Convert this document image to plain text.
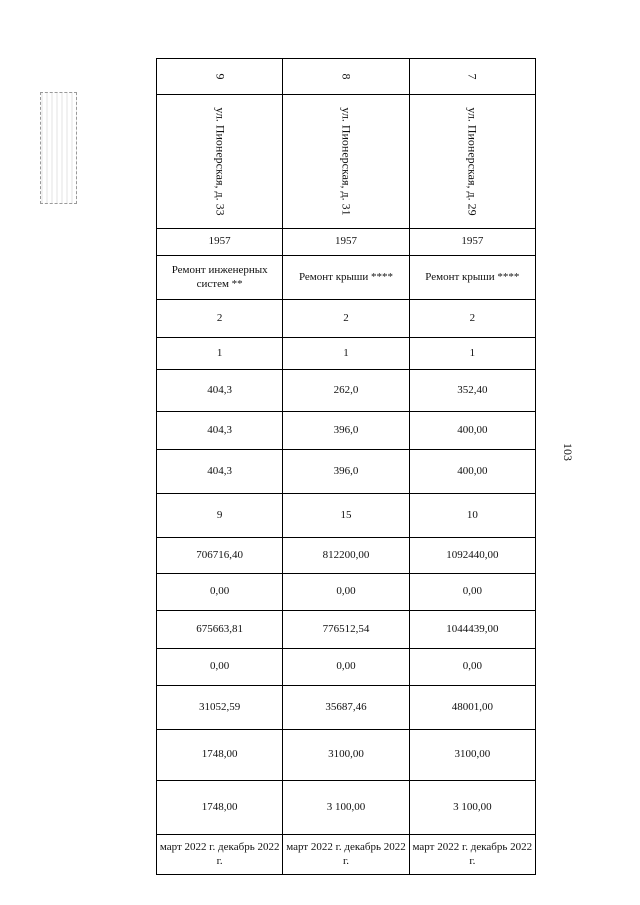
103
9	8	7
ул. Пионерская, д. 33	ул. Пионерская, д. 31	ул. Пионерская, д. 29
1957	1957	1957
Ремонт инженерных систем **	Ремонт крыши ****	Ремонт крыши ****
2	2	2
1	1	1
404,3	262,0	352,40
404,3	396,0	400,00
404,3	396,0	400,00
9	15	10
706716,40	812200,00	1092440,00
0,00	0,00	0,00
675663,81	776512,54	1044439,00
0,00	0,00	0,00
31052,59	35687,46	48001,00
1748,00	3100,00	3100,00
1748,00	3 100,00	3 100,00
март 2022 г. декабрь 2022 г.	март 2022 г. декабрь 2022 г.	март 2022 г. декабрь 2022 г.
